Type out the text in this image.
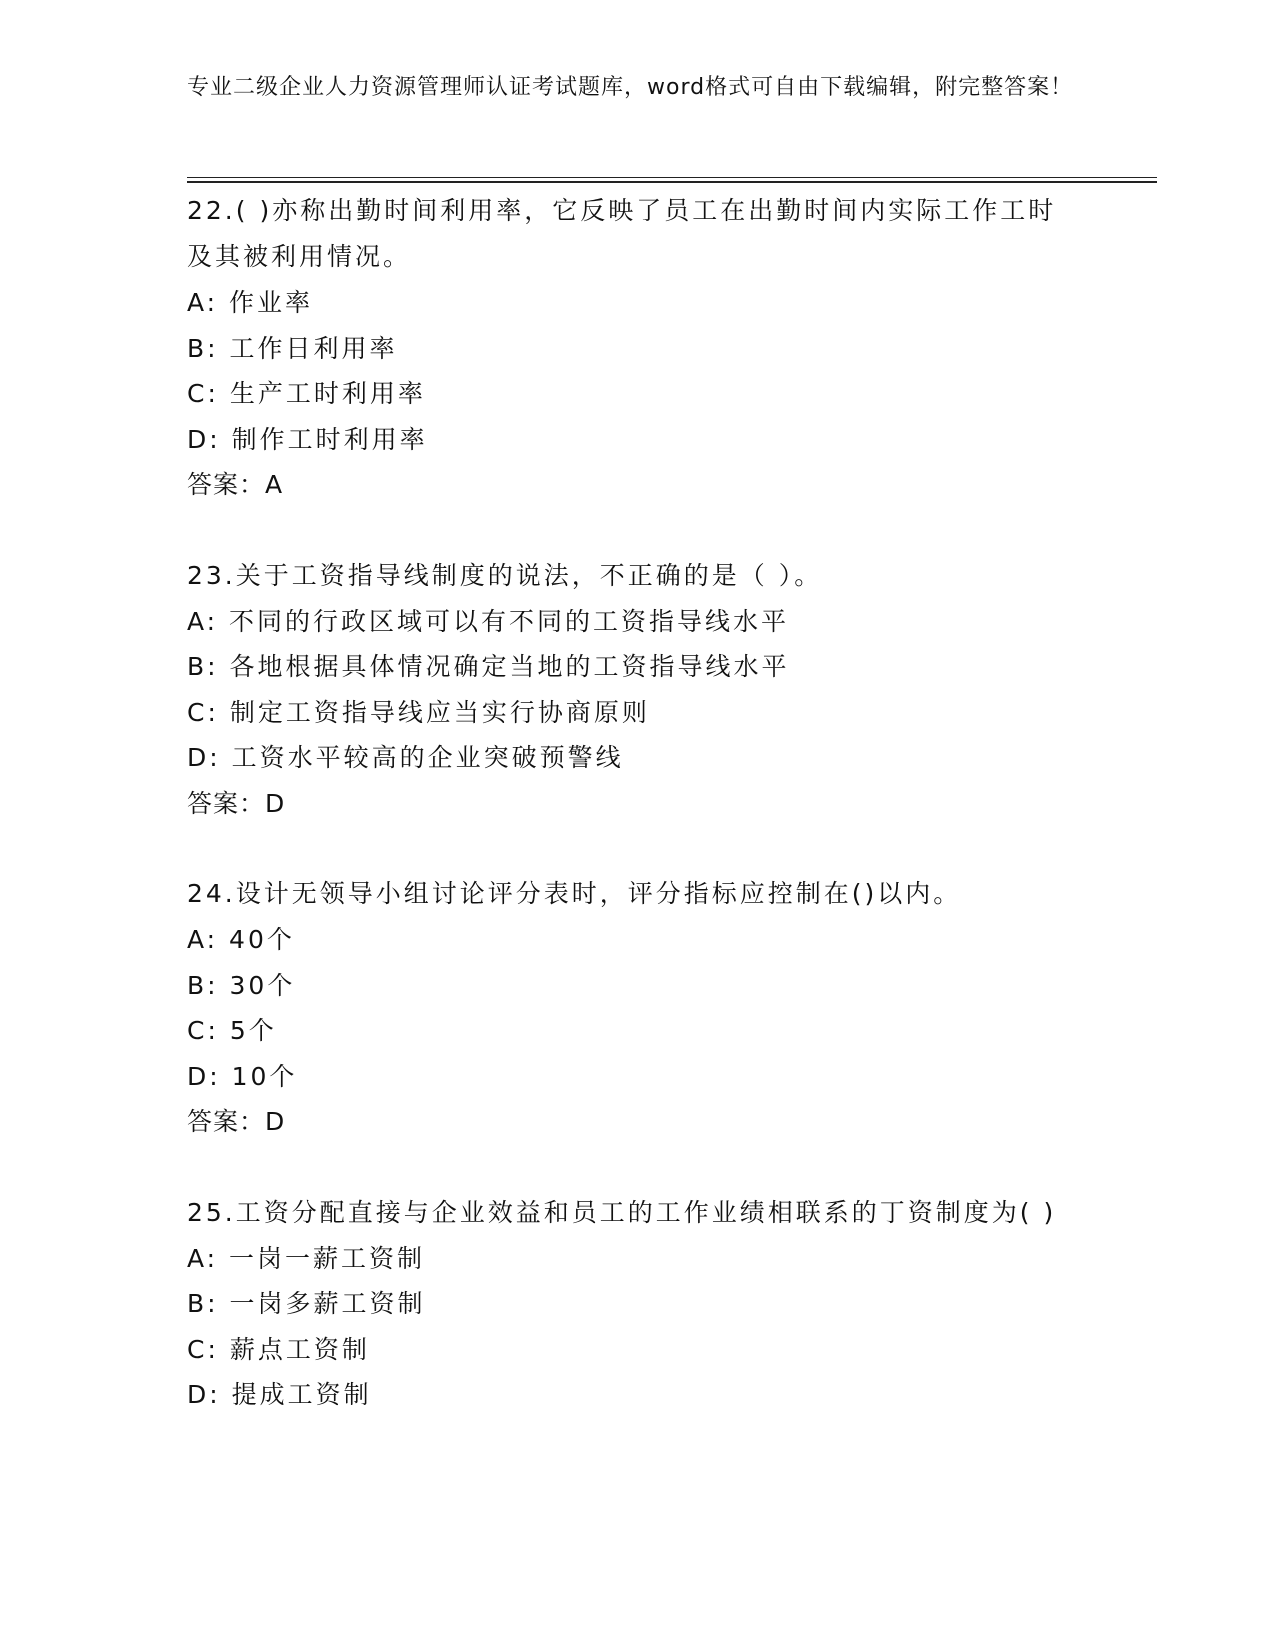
专业二级企业人力资源管理师认证考试题库，word格式可自由下载编辑，附完整答案！
22.( )亦称出勤时间利用率，它反映了员工在出勤时间内实际工作工时及其被利用情况。
A: 作业率
B: 工作日利用率
C: 生产工时利用率
D: 制作工时利用率
答案：A
23.关于工资指导线制度的说法，不正确的是（ ）。
A: 不同的行政区域可以有不同的工资指导线水平
B: 各地根据具体情况确定当地的工资指导线水平
C: 制定工资指导线应当实行协商原则
D: 工资水平较高的企业突破预警线
答案：D
24.设计无领导小组讨论评分表时，评分指标应控制在()以内。
A: 40个
B: 30个
C: 5个
D: 10个
答案：D
25.工资分配直接与企业效益和员工的工作业绩相联系的丁资制度为( )
A: 一岗一薪工资制
B: 一岗多薪工资制
C: 薪点工资制
D: 提成工资制
